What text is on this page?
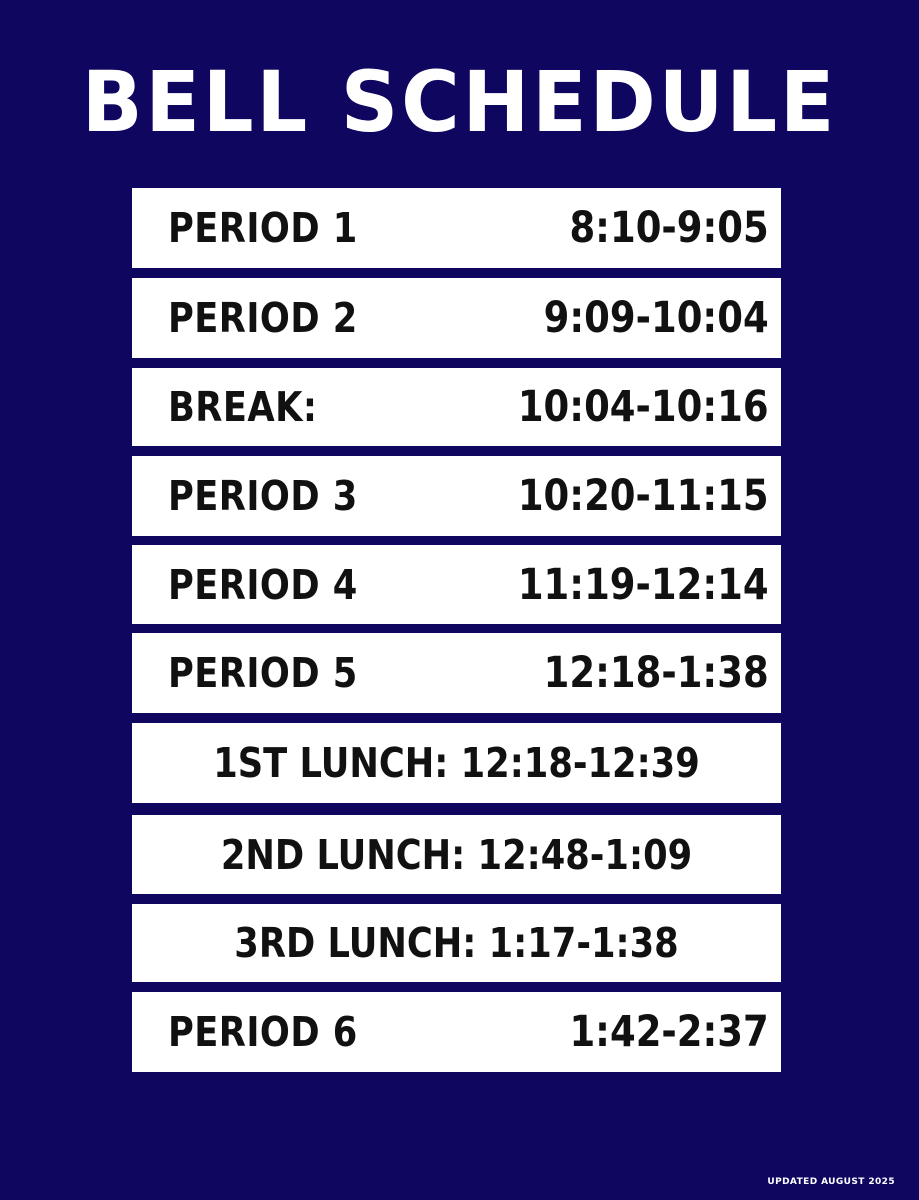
BELL SCHEDULE
PERIOD 1	8:10-9:05
PERIOD 2	9:09-10:04
BREAK:	10:04-10:16
PERIOD 3	10:20-11:15
PERIOD 4	11:19-12:14
PERIOD 5	12:18-1:38
1ST LUNCH: 12:18-12:39
2ND LUNCH: 12:48-1:09
3RD LUNCH: 1:17-1:38
PERIOD 6	1:42-2:37
UPDATED AUGUST 2025
